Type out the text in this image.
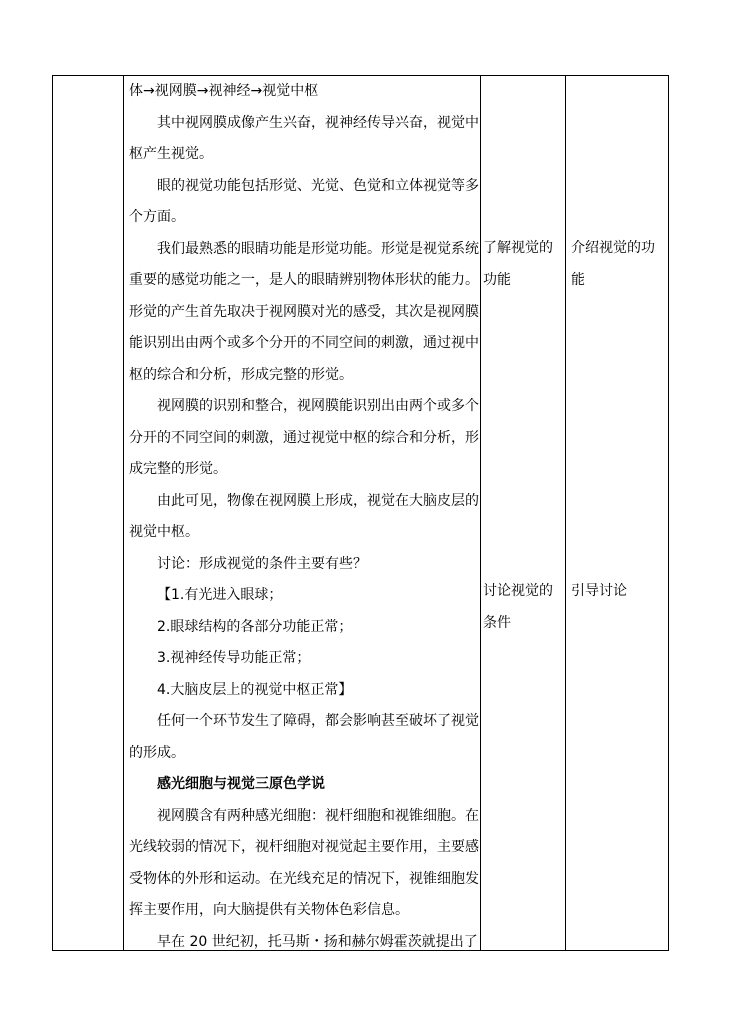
体→视网膜→视神经→视觉中枢

其中视网膜成像产生兴奋，视神经传导兴奋，视觉中枢产生视觉。

眼的视觉功能包括形觉、光觉、色觉和立体视觉等多个方面。

我们最熟悉的眼睛功能是形觉功能。形觉是视觉系统重要的感觉功能之一，是人的眼睛辨别物体形状的能力。形觉的产生首先取决于视网膜对光的感受，其次是视网膜能识别出由两个或多个分开的不同空间的刺激，通过视中枢的综合和分析，形成完整的形觉。

视网膜的识别和整合，视网膜能识别出由两个或多个分开的不同空间的刺激，通过视觉中枢的综合和分析，形成完整的形觉。

由此可见，物像在视网膜上形成，视觉在大脑皮层的视觉中枢。

讨论：形成视觉的条件主要有些？

【1.有光进入眼球；

2.眼球结构的各部分功能正常；

3.视神经传导功能正常；

4.大脑皮层上的视觉中枢正常】

任何一个环节发生了障碍，都会影响甚至破坏了视觉的形成。

感光细胞与视觉三原色学说

视网膜含有两种感光细胞：视杆细胞和视锥细胞。在光线较弱的情况下，视杆细胞对视觉起主要作用，主要感受物体的外形和运动。在光线充足的情况下，视锥细胞发挥主要作用，向大脑提供有关物体色彩信息。

早在 20 世纪初，托马斯・扬和赫尔姆霍茨就提出了

了解视觉的功能
讨论视觉的条件
介绍视觉的功能
引导讨论
